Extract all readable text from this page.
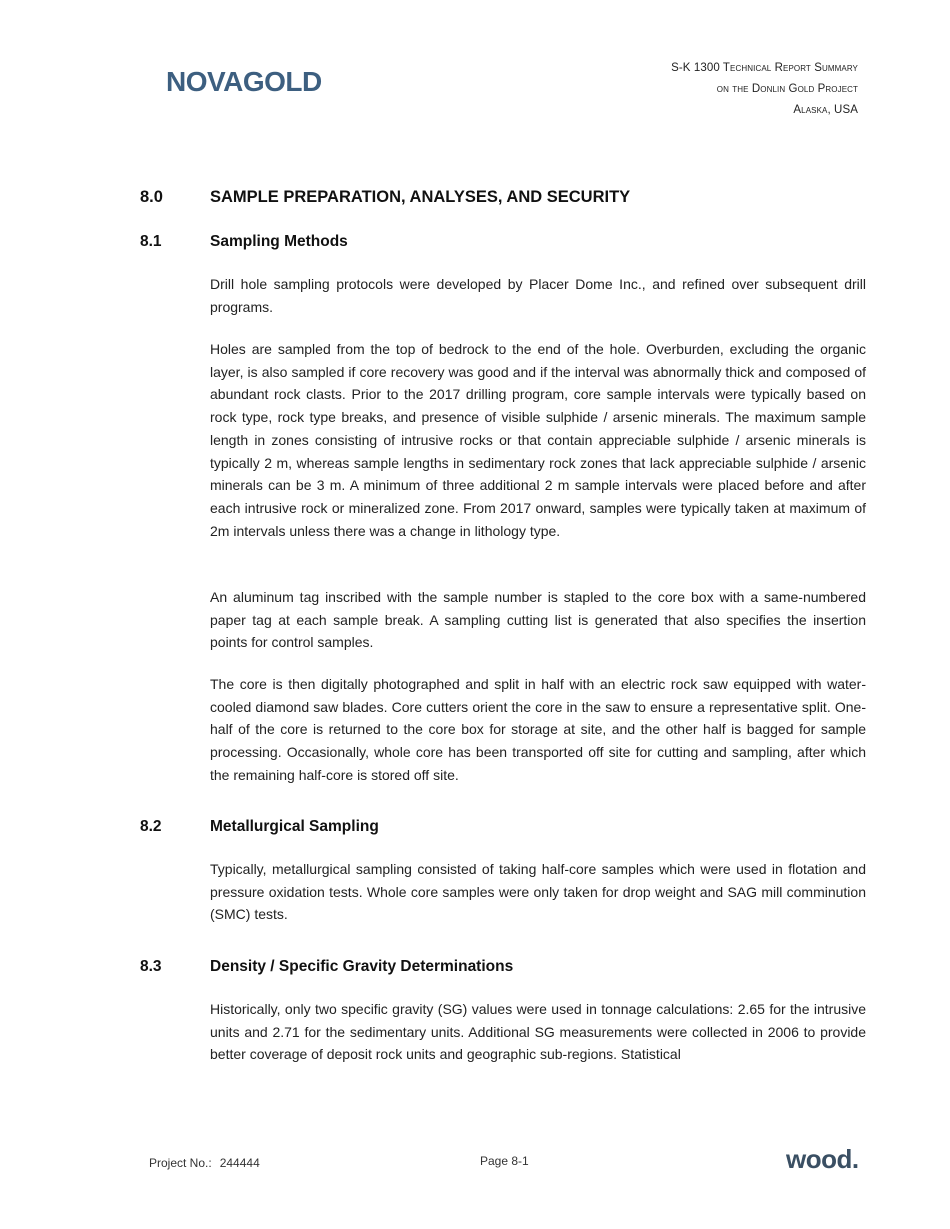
NOVAGOLD	S-K 1300 Technical Report Summary
on the Donlin Gold Project
Alaska, USA
8.0	SAMPLE PREPARATION, ANALYSES, AND SECURITY
8.1	Sampling Methods

Drill hole sampling protocols were developed by Placer Dome Inc., and refined over subsequent drill programs.

Holes are sampled from the top of bedrock to the end of the hole. Overburden, excluding the organic layer, is also sampled if core recovery was good and if the interval was abnormally thick and composed of abundant rock clasts. Prior to the 2017 drilling program, core sample intervals were typically based on rock type, rock type breaks, and presence of visible sulphide / arsenic minerals. The maximum sample length in zones consisting of intrusive rocks or that contain appreciable sulphide / arsenic minerals is typically 2 m, whereas sample lengths in sedimentary rock zones that lack appreciable sulphide / arsenic minerals can be 3 m. A minimum of three additional 2 m sample intervals were placed before and after each intrusive rock or mineralized zone. From 2017 onward, samples were typically taken at maximum of 2m intervals unless there was a change in lithology type.

An aluminum tag inscribed with the sample number is stapled to the core box with a same-numbered paper tag at each sample break. A sampling cutting list is generated that also specifies the insertion points for control samples.

The core is then digitally photographed and split in half with an electric rock saw equipped with water-cooled diamond saw blades. Core cutters orient the core in the saw to ensure a representative split. One-half of the core is returned to the core box for storage at site, and the other half is bagged for sample processing. Occasionally, whole core has been transported off site for cutting and sampling, after which the remaining half-core is stored off site.

8.2	Metallurgical Sampling

Typically, metallurgical sampling consisted of taking half-core samples which were used in flotation and pressure oxidation tests. Whole core samples were only taken for drop weight and SAG mill comminution (SMC) tests.

8.3	Density / Specific Gravity Determinations

Historically, only two specific gravity (SG) values were used in tonnage calculations: 2.65 for the intrusive units and 2.71 for the sedimentary units. Additional SG measurements were collected in 2006 to provide better coverage of deposit rock units and geographic sub-regions. Statistical

Project No.: 244444	Page 8-1	wood.
